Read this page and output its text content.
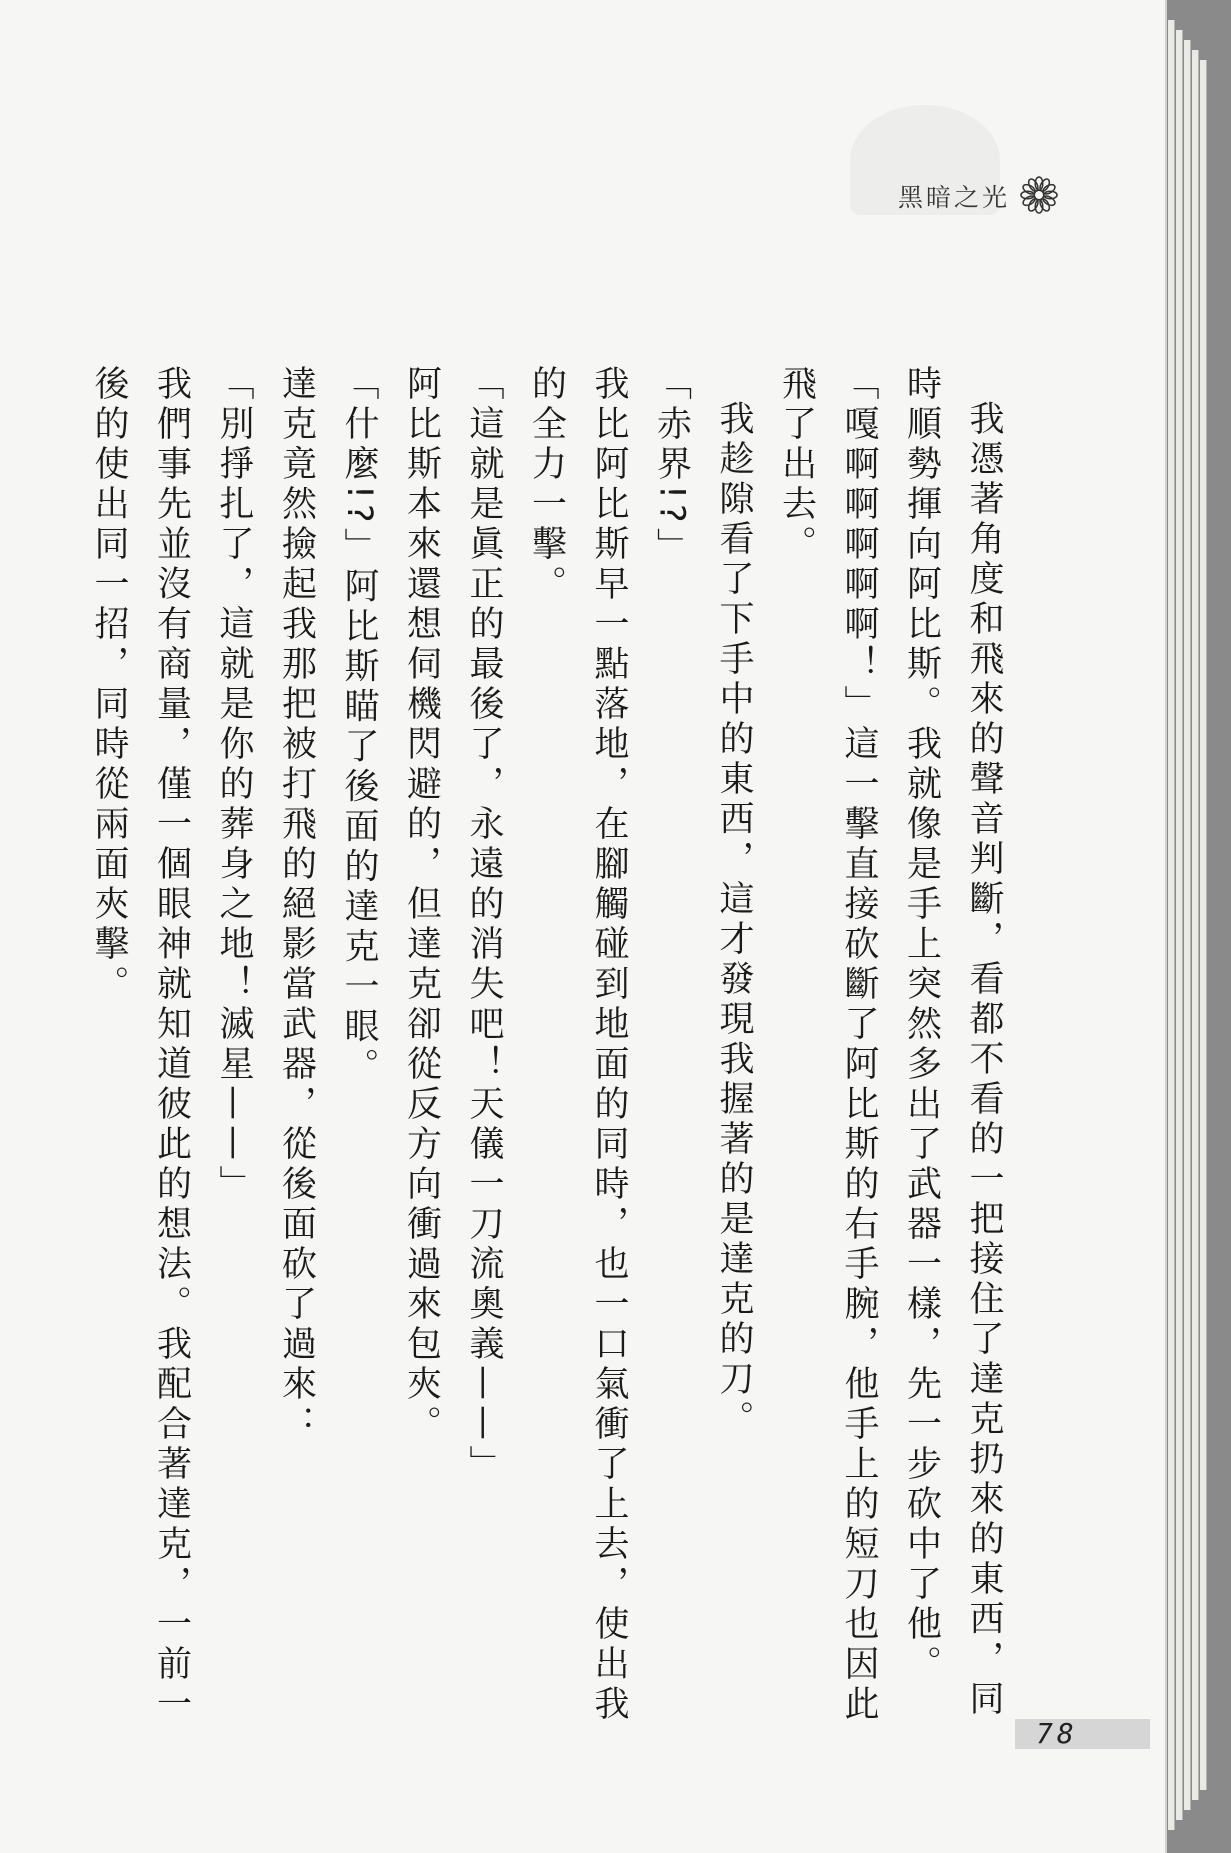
黑暗之光

我憑著角度和飛來的聲音判斷，看都不看的一把接住了達克扔來的東西，同時順勢揮向阿比斯。我就像是手上突然多出了武器一樣，先一步砍中了他。

「嘎啊啊啊啊啊！」這一擊直接砍斷了阿比斯的右手腕，他手上的短刀也因此飛了出去。

我趁隙看了下手中的東西，這才發現我握著的是達克的刀。

「赤界!?」

我比阿比斯早一點落地，在腳觸碰到地面的同時，也一口氣衝了上去，使出我的全力一擊。

「這就是眞正的最後了，永遠的消失吧！天儀一刀流奧義——」

阿比斯本來還想伺機閃避的，但達克卻從反方向衝過來包夾。

「什麼!?」阿比斯瞄了後面的達克一眼。

達克竟然撿起我那把被打飛的絕影當武器，從後面砍了過來：

「別掙扎了，這就是你的葬身之地！滅星——」

我們事先並沒有商量，僅一個眼神就知道彼此的想法。我配合著達克，一前一後的使出同一招，同時從兩面夾擊。

78
